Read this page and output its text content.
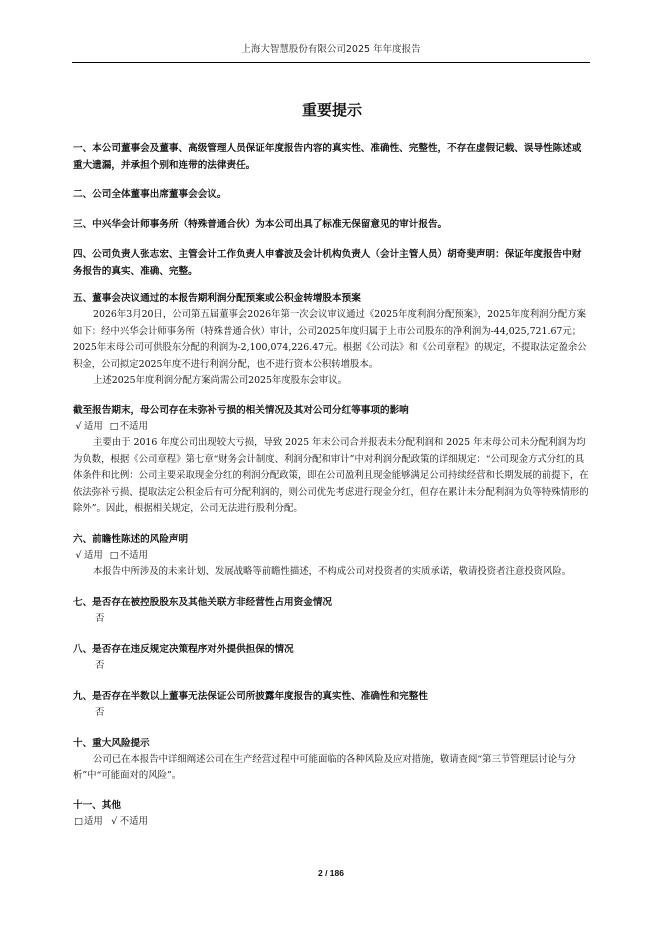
上海大智慧股份有限公司2025 年年度报告
重要提示

一、本公司董事会及董事、高级管理人员保证年度报告内容的真实性、准确性、完整性，不存在虚假记载、误导性陈述或重大遗漏，并承担个别和连带的法律责任。

二、公司全体董事出席董事会会议。

三、中兴华会计师事务所（特殊普通合伙）为本公司出具了标准无保留意见的审计报告。

四、公司负责人张志宏、主管会计工作负责人申睿波及会计机构负责人（会计主管人员）胡奇斐声明：保证年度报告中财务报告的真实、准确、完整。

五、董事会决议通过的本报告期利润分配预案或公积金转增股本预案

2026年3月20日，公司第五届董事会2026年第一次会议审议通过《2025年度利润分配预案》，2025年度利润分配方案如下：经中兴华会计师事务所（特殊普通合伙）审计，公司2025年度归属于上市公司股东的净利润为-44,025,721.67元；2025年末母公司可供股东分配的利润为-2,100,074,226.47元。根据《公司法》和《公司章程》的规定，不提取法定盈余公积金，公司拟定2025年度不进行利润分配，也不进行资本公积转增股本。

上述2025年度利润分配方案尚需公司2025年度股东会审议。

截至报告期末，母公司存在未弥补亏损的相关情况及其对公司分红等事项的影响

√ 适用 □不适用

主要由于 2016 年度公司出现较大亏损，导致 2025 年末公司合并报表未分配利润和 2025 年末母公司未分配利润为均为负数，根据《公司章程》第七章“财务会计制度、利润分配和审计”中对利润分配政策的详细规定：“公司现金方式分红的具体条件和比例：公司主要采取现金分红的利润分配政策，即在公司盈利且现金能够满足公司持续经营和长期发展的前提下，在依法弥补亏损、提取法定公积金后有可分配利润的，则公司优先考虑进行现金分红，但存在累计未分配利润为负等特殊情形的除外”。因此，根据相关规定，公司无法进行股利分配。

六、前瞻性陈述的风险声明

√ 适用 □不适用

本报告中所涉及的未来计划、发展战略等前瞻性描述，不构成公司对投资者的实质承诺，敬请投资者注意投资风险。

七、是否存在被控股股东及其他关联方非经营性占用资金情况

否

八、是否存在违反规定决策程序对外提供担保的情况

否

九、是否存在半数以上董事无法保证公司所披露年度报告的真实性、准确性和完整性

否

十、重大风险提示

公司已在本报告中详细阐述公司在生产经营过程中可能面临的各种风险及应对措施，敬请查阅“第三节管理层讨论与分析”中“可能面对的风险”。

十一、其他

□适用 √ 不适用

2 / 186
